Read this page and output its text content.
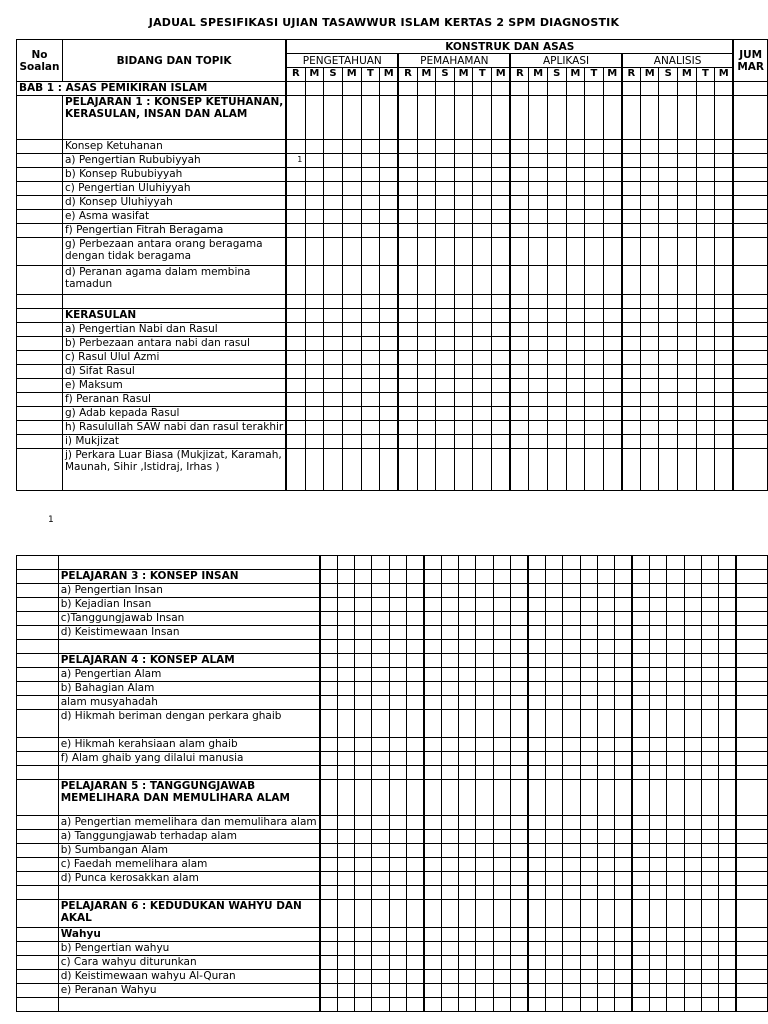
JADUAL SPESIFIKASI UJIAN TASAWWUR ISLAM KERTAS 2 SPM DIAGNOSTIK
No Soalan	BIDANG DAN TOPIK	KONSTRUK DAN ASAS																								JUM MAR
		PENGETAHUAN						PEMAHAMAN						APLIKASI						ANALISIS						
		R	M	S	M	T	M	R	M	S	M	T	M	R	M	S	M	T	M	R	M	S	M	T	M	
BAB 1 : ASAS PEMIKIRAN ISLAM																										
	PELAJARAN 1 : KONSEP KETUHANAN, KERASULAN, INSAN DAN ALAM																									
	Konsep Ketuhanan																									
	a) Pengertian Rububiyyah	1																								
	b) Konsep Rububiyyah																									
	c) Pengertian Uluhiyyah																									
	d) Konsep Uluhiyyah																									
	e) Asma wasifat																									
	f) Pengertian Fitrah Beragama																									
	g) Perbezaan antara orang beragama dengan tidak beragama																									
	d) Peranan agama dalam membina tamadun																									

	KERASULAN																									
	a) Pengertian Nabi dan Rasul																									
	b) Perbezaan antara nabi dan rasul																									
	c) Rasul Ulul Azmi																									
	d) Sifat Rasul																									
	e) Maksum																									
	f) Peranan Rasul																									
	g) Adab kepada Rasul																									
	h) Rasulullah SAW nabi dan rasul terakhir																									
	i) Mukjizat																									
	j) Perkara Luar Biasa (Mukjizat, Karamah, Maunah, Sihir ,Istidraj, Irhas )																									
1

	PELAJARAN 3 : KONSEP INSAN																									
	a) Pengertian Insan																									
	b) Kejadian Insan																									
	c)Tanggungjawab Insan																									
	d) Keistimewaan Insan																									

	PELAJARAN 4 : KONSEP ALAM																									
	a) Pengertian Alam																									
	b) Bahagian Alam																									
	alam musyahadah																									
	d) Hikmah beriman dengan perkara ghaib																									
	e) Hikmah kerahsiaan alam ghaib																									
	f) Alam ghaib yang dilalui manusia																									

	PELAJARAN 5 : TANGGUNGJAWAB MEMELIHARA DAN MEMULIHARA ALAM																									
	a) Pengertian memelihara dan memulihara alam																									
	a) Tanggungjawab terhadap alam																									
	b) Sumbangan Alam																									
	c) Faedah memelihara alam																									
	d) Punca kerosakkan alam																									

	PELAJARAN 6 : KEDUDUKAN WAHYU DAN AKAL																									
	Wahyu																									
	b) Pengertian wahyu																									
	c) Cara wahyu diturunkan																									
	d) Keistimewaan wahyu Al-Quran																									
	e) Peranan Wahyu																									
